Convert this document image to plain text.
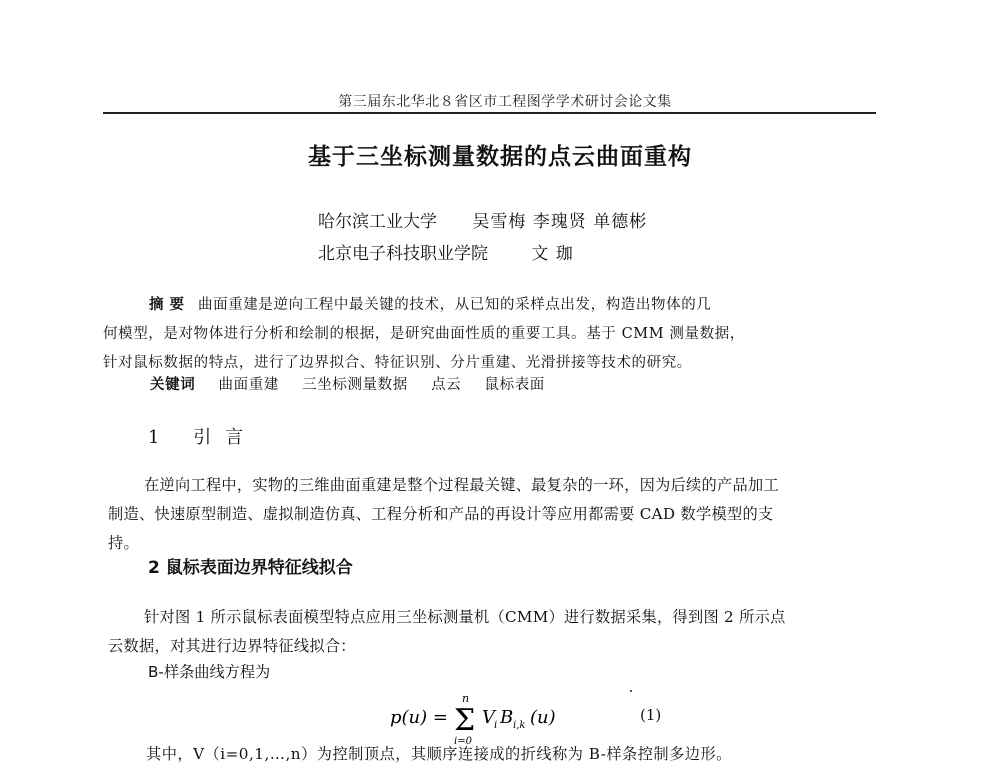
第三届东北华北８省区市工程图学学术研讨会论文集
基于三坐标测量数据的点云曲面重构
哈尔滨工业大学 吴雪梅 李瑰贤 单德彬
北京电子科技职业学院	文 珈
摘要 曲面重建是逆向工程中最关键的技术，从已知的采样点出发，构造出物体的几
何模型，是对物体进行分析和绘制的根据，是研究曲面性质的重要工具。基于 CMM 测量数据，
针对鼠标数据的特点，进行了边界拟合、特征识别、分片重建、光滑拼接等技术的研究。
关键词 曲面重建 三坐标测量数据 点云 鼠标表面
1 引言
在逆向工程中，实物的三维曲面重建是整个过程最关键、最复杂的一环，因为后续的产品加工
制造、快速原型制造、虚拟制造仿真、工程分析和产品的再设计等应用都需要 CAD 数学模型的支
持。
2 鼠标表面边界特征线拟合
针对图 1 所示鼠标表面模型特点应用三坐标测量机（CMM）进行数据采集，得到图 2 所示点
云数据，对其进行边界特征线拟合：
B-样条曲线方程为
p(u) =
n
Σ
i=0
V i B i,k (u)	(1)
其中，V（i=0,1,…,n）为控制顶点，其顺序连接成的折线称为 B-样条控制多边形。
